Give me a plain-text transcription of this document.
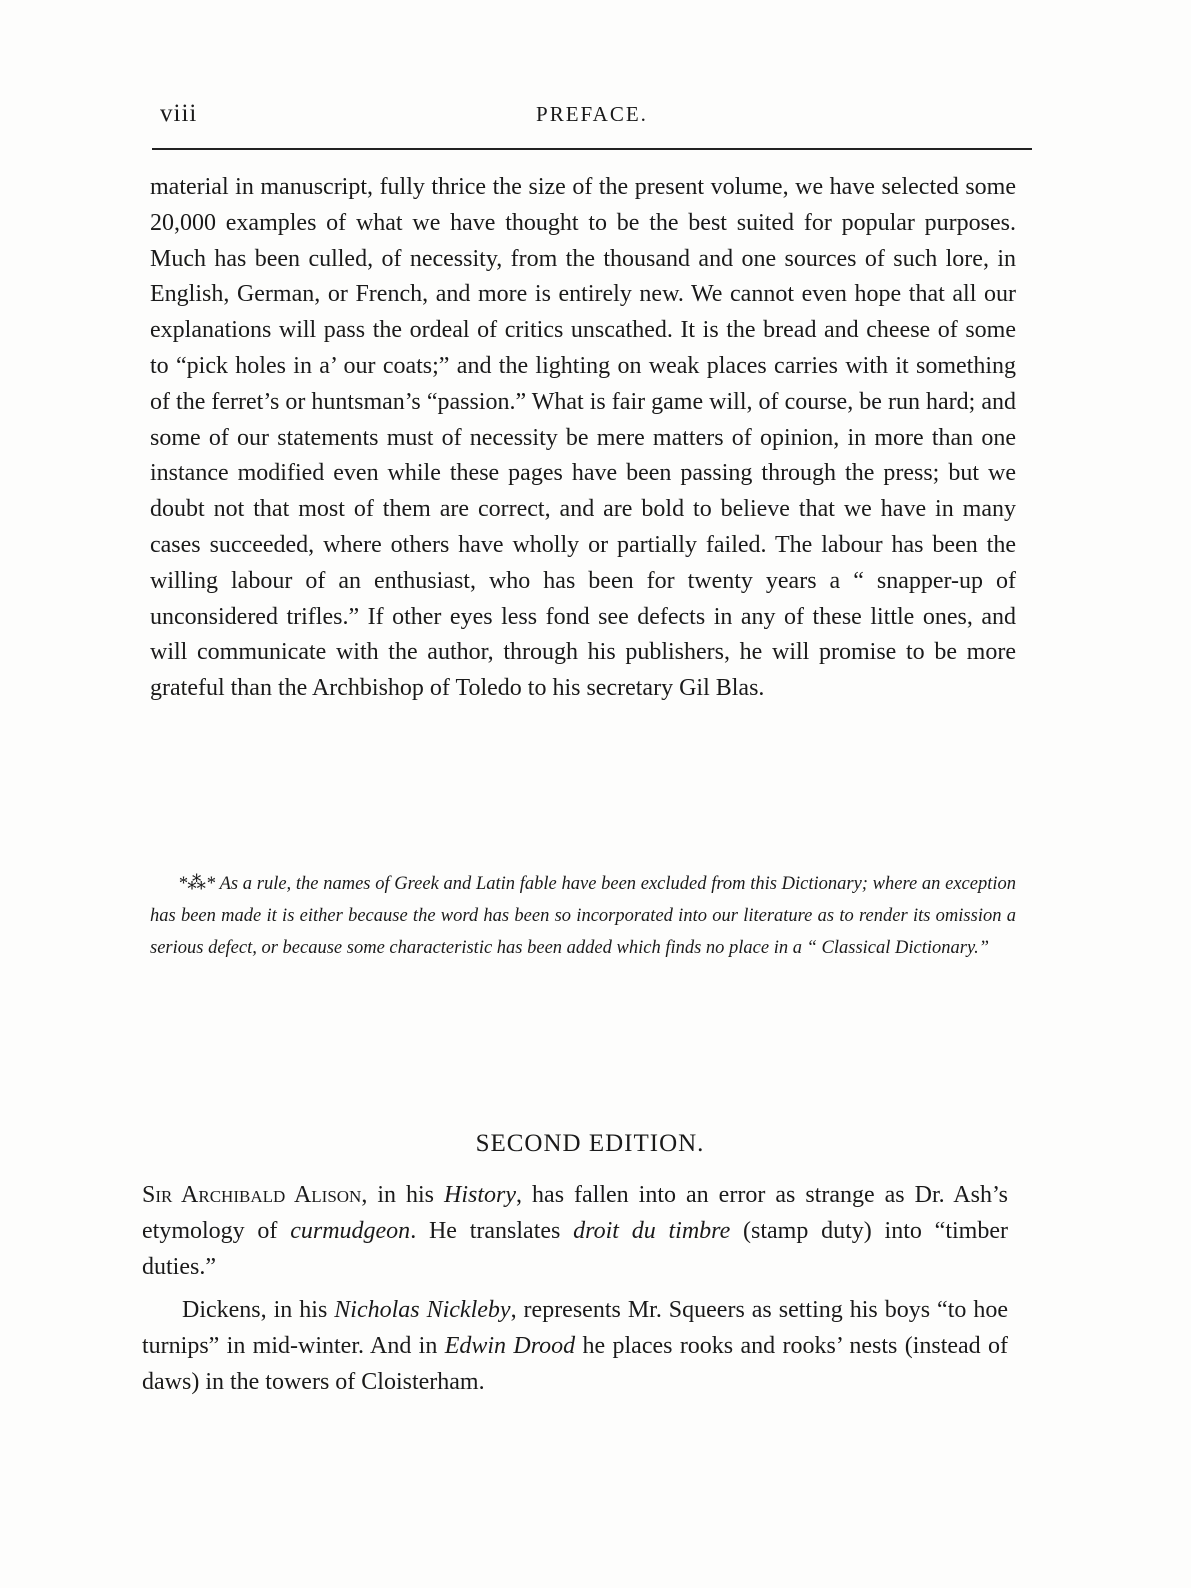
viii	PREFACE.

material in manuscript, fully thrice the size of the present volume, we have selected some 20,000 examples of what we have thought to be the best suited for popular purposes. Much has been culled, of necessity, from the thousand and one sources of such lore, in English, German, or French, and more is entirely new. We cannot even hope that all our explanations will pass the ordeal of critics unscathed. It is the bread and cheese of some to “pick holes in a’ our coats;” and the lighting on weak places carries with it something of the ferret’s or huntsman’s “passion.” What is fair game will, of course, be run hard; and some of our statements must of necessity be mere matters of opinion, in more than one instance modified even while these pages have been passing through the press; but we doubt not that most of them are correct, and are bold to believe that we have in many cases succeeded, where others have wholly or partially failed. The labour has been the willing labour of an enthusiast, who has been for twenty years a “ snapper-up of unconsidered trifles.” If other eyes less fond see defects in any of these little ones, and will communicate with the author, through his publishers, he will promise to be more grateful than the Archbishop of Toledo to his secretary Gil Blas.

*⁂* As a rule, the names of Greek and Latin fable have been excluded from this Dictionary; where an exception has been made it is either because the word has been so incorporated into our literature as to render its omission a serious defect, or because some characteristic has been added which finds no place in a “ Classical Dictionary.”
SECOND EDITION.

Sir Archibald Alison, in his History, has fallen into an error as strange as Dr. Ash’s etymology of curmudgeon. He translates droit du timbre (stamp duty) into “timber duties.”

Dickens, in his Nicholas Nickleby, represents Mr. Squeers as setting his boys “to hoe turnips” in mid-winter. And in Edwin Drood he places rooks and rooks’ nests (instead of daws) in the towers of Cloisterham.
